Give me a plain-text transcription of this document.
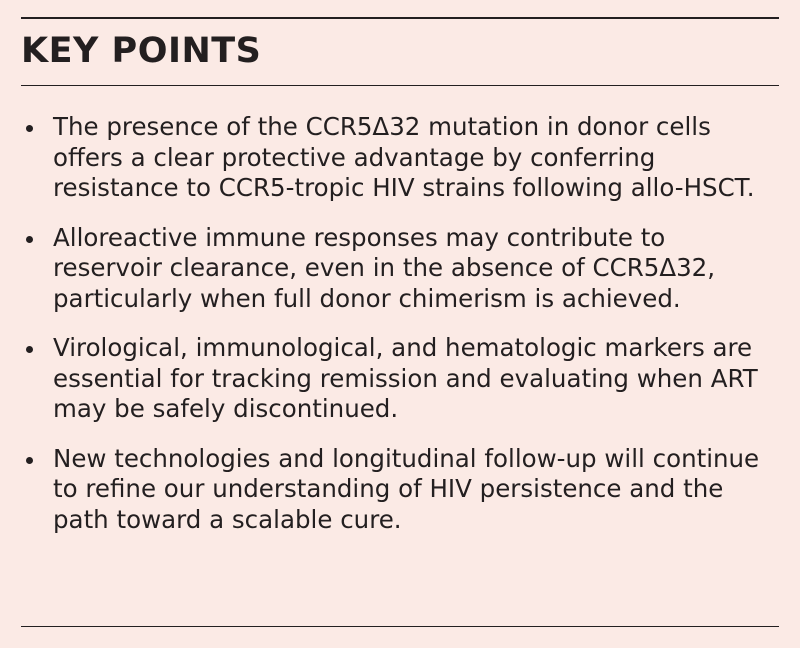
KEY POINTS
The presence of the CCR5Δ32 mutation in donor cells offers a clear protective advantage by conferring resistance to CCR5-tropic HIV strains following allo-HSCT.
Alloreactive immune responses may contribute to reservoir clearance, even in the absence of CCR5Δ32, particularly when full donor chimerism is achieved.
Virological, immunological, and hematologic markers are essential for tracking remission and evaluating when ART may be safely discontinued.
New technologies and longitudinal follow-up will continue to refine our understanding of HIV persistence and the path toward a scalable cure.
